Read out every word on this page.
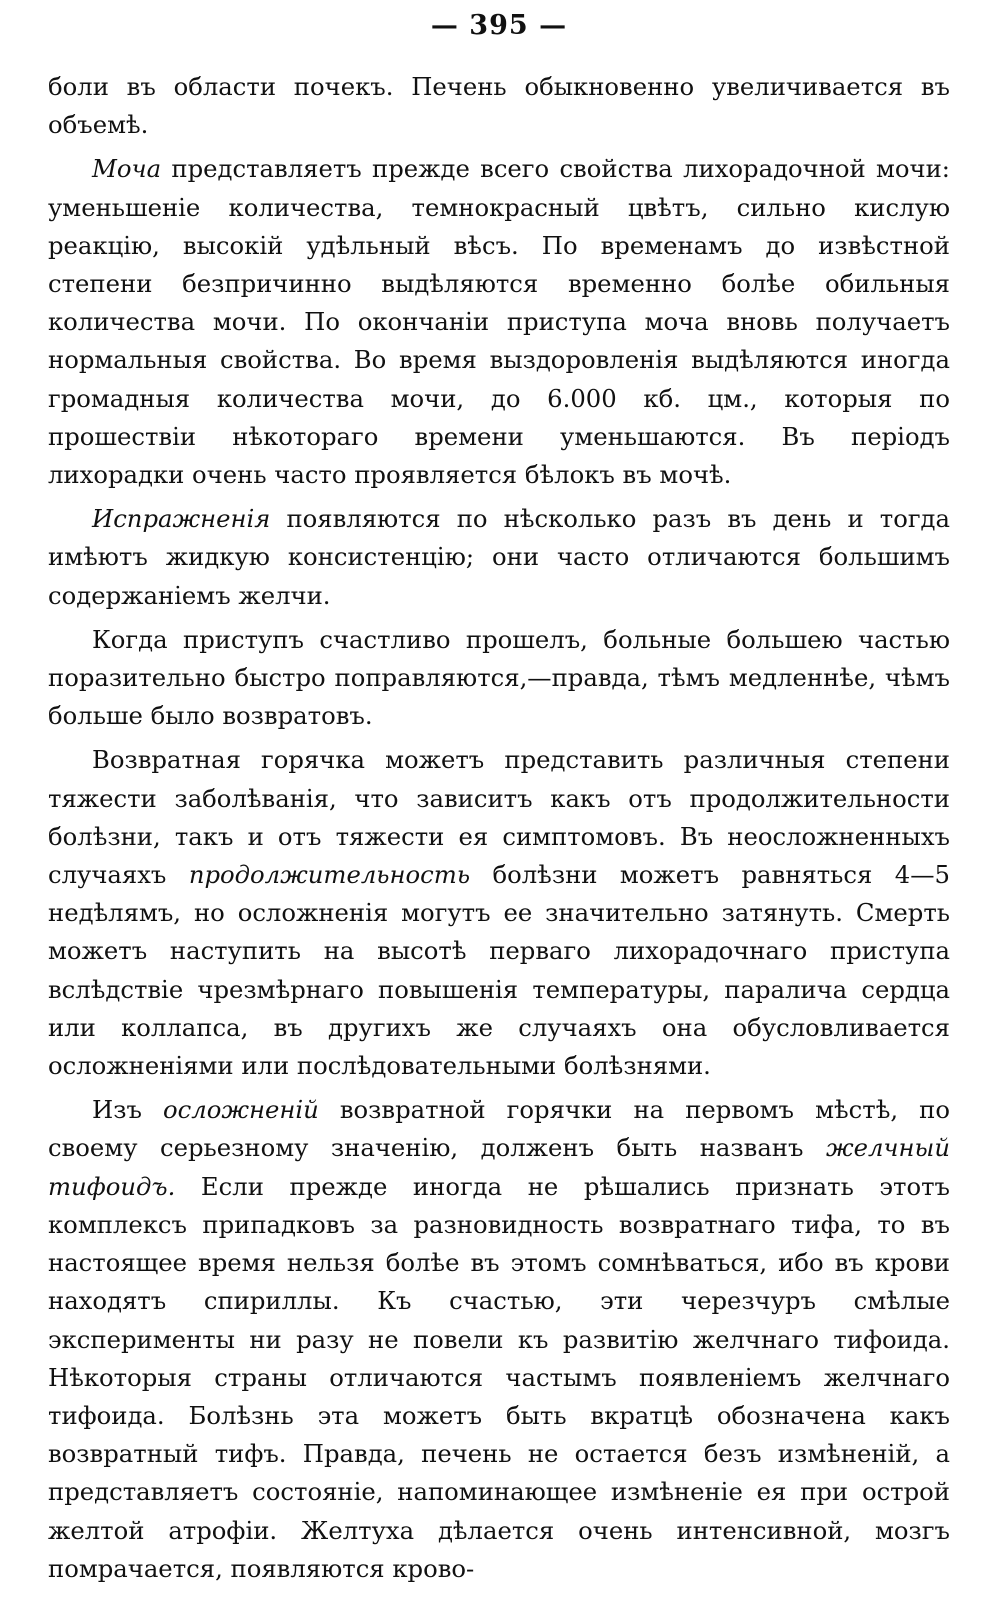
— 395 —

боли въ области почекъ. Печень обыкновенно увеличивается въ объемѣ.

Моча представляетъ прежде всего свойства лихорадочной мочи: уменьшеніе количества, темнокрасный цвѣтъ, сильно кислую реакцію, высокій удѣльный вѣсъ. По временамъ до извѣстной степени безпричинно выдѣляются временно болѣе обильныя количества мочи. По окончаніи приступа моча вновь получаетъ нормальныя свойства. Во время выздоровленія выдѣляются иногда громадныя количества мочи, до 6.000 кб. цм., которыя по прошествіи нѣкотораго времени уменьшаются. Въ періодъ лихорадки очень часто проявляется бѣлокъ въ мочѣ.

Испражненія появляются по нѣсколько разъ въ день и тогда имѣютъ жидкую консистенцію; они часто отличаются большимъ содержаніемъ желчи.

Когда приступъ счастливо прошелъ, больные большею частью поразительно быстро поправляются,—правда, тѣмъ медленнѣе, чѣмъ больше было возвратовъ.

Возвратная горячка можетъ представить различныя степени тяжести заболѣванія, что зависитъ какъ отъ продолжительности болѣзни, такъ и отъ тяжести ея симптомовъ. Въ неосложненныхъ случаяхъ продолжительность болѣзни можетъ равняться 4—5 недѣлямъ, но осложненія могутъ ее значительно затянуть. Смерть можетъ наступить на высотѣ перваго лихорадочнаго приступа вслѣдствіе чрезмѣрнаго повышенія температуры, паралича сердца или коллапса, въ другихъ же случаяхъ она обусловливается осложненіями или послѣдовательными болѣзнями.

Изъ осложненій возвратной горячки на первомъ мѣстѣ, по своему серьезному значенію, долженъ быть названъ желчный тифоидъ. Если прежде иногда не рѣшались признать этотъ комплексъ припадковъ за разновидность возвратнаго тифа, то въ настоящее время нельзя болѣе въ этомъ сомнѣваться, ибо въ крови находятъ спириллы. Къ счастью, эти черезчуръ смѣлые эксперименты ни разу не повели къ развитію желчнаго тифоида. Нѣкоторыя страны отличаются частымъ появленіемъ желчнаго тифоида. Болѣзнь эта можетъ быть вкратцѣ обозначена какъ возвратный тифъ. Правда, печень не остается безъ измѣненій, а представляетъ состояніе, напоминающее измѣненіе ея при острой желтой атрофіи. Желтуха дѣлается очень интенсивной, мозгъ помрачается, появляются крово-
